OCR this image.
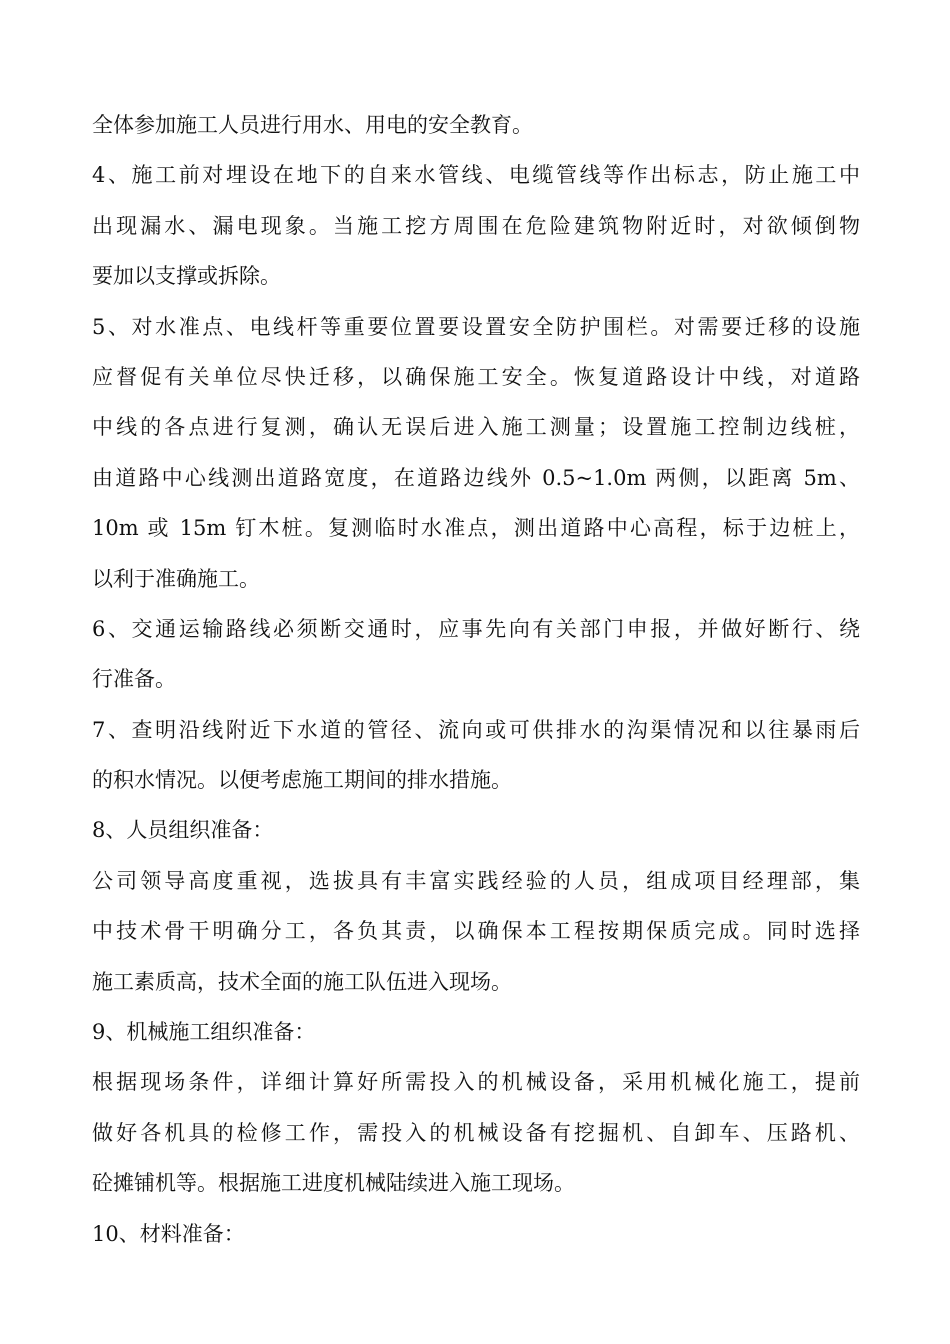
全体参加施工人员进行用水、用电的安全教育。
4、施工前对埋设在地下的自来水管线、电缆管线等作出标志，防止施工中
出现漏水、漏电现象。当施工挖方周围在危险建筑物附近时，对欲倾倒物
要加以支撑或拆除。
5、对水准点、电线杆等重要位置要设置安全防护围栏。对需要迁移的设施
应督促有关单位尽快迁移，以确保施工安全。恢复道路设计中线，对道路
中线的各点进行复测，确认无误后进入施工测量；设置施工控制边线桩，
由道路中心线测出道路宽度，在道路边线外 0.5~1.0m 两侧，以距离 5m、
10m 或 15m 钉木桩。复测临时水准点，测出道路中心高程，标于边桩上，
以利于准确施工。
6、交通运输路线必须断交通时，应事先向有关部门申报，并做好断行、绕
行准备。
7、查明沿线附近下水道的管径、流向或可供排水的沟渠情况和以往暴雨后
的积水情况。以便考虑施工期间的排水措施。
8、人员组织准备：
公司领导高度重视，选拔具有丰富实践经验的人员，组成项目经理部，集
中技术骨干明确分工，各负其责，以确保本工程按期保质完成。同时选择
施工素质高，技术全面的施工队伍进入现场。
9、机械施工组织准备：
根据现场条件，详细计算好所需投入的机械设备，采用机械化施工，提前
做好各机具的检修工作，需投入的机械设备有挖掘机、自卸车、压路机、
砼摊铺机等。根据施工进度机械陆续进入施工现场。
10、材料准备：
